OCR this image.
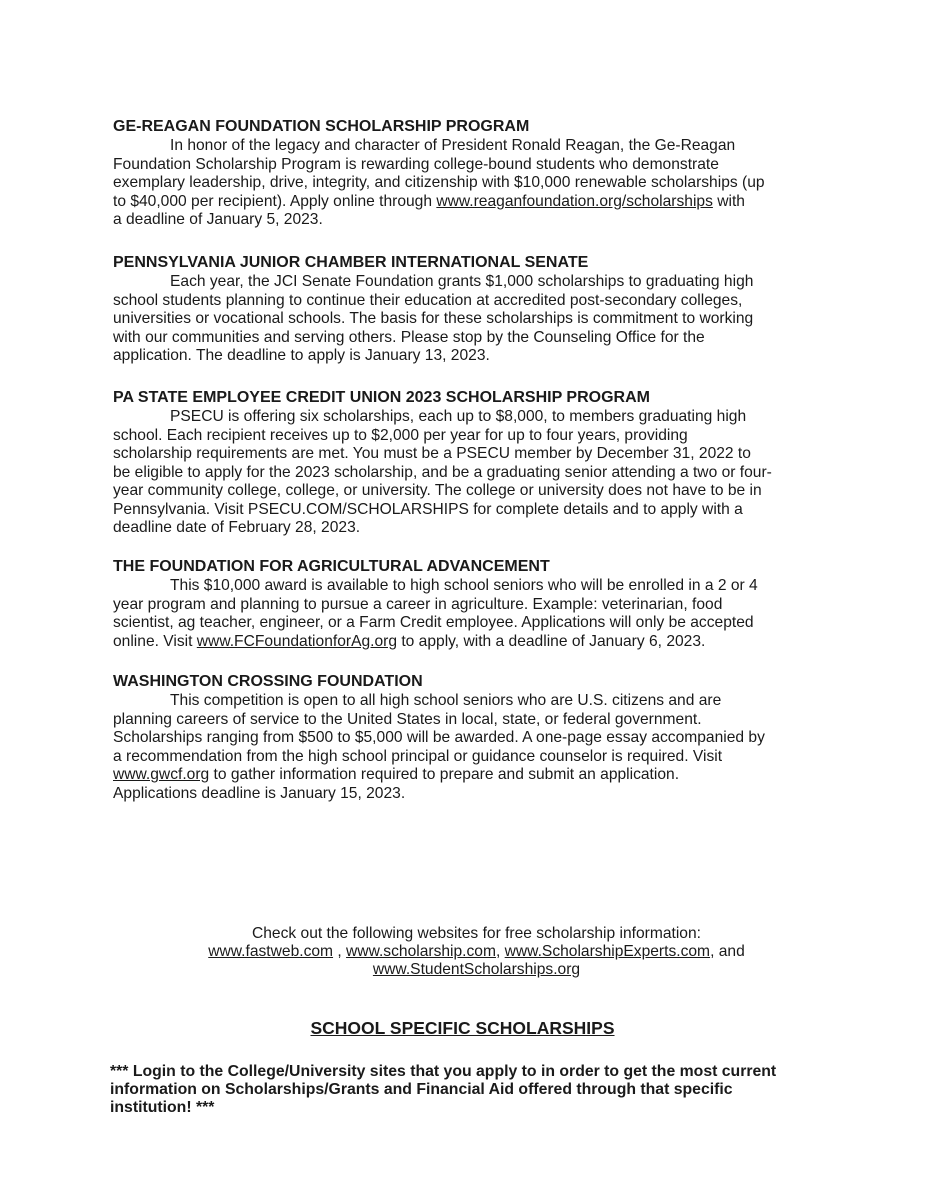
GE-REAGAN FOUNDATION SCHOLARSHIP PROGRAM

In honor of the legacy and character of President Ronald Reagan, the Ge-Reagan

Foundation Scholarship Program is rewarding college-bound students who demonstrate

exemplary leadership, drive, integrity, and citizenship with $10,000 renewable scholarships (up

to $40,000 per recipient). Apply online through www.reaganfoundation.org/scholarships with

a deadline of January 5, 2023.

PENNSYLVANIA JUNIOR CHAMBER INTERNATIONAL SENATE

Each year, the JCI Senate Foundation grants $1,000 scholarships to graduating high

school students planning to continue their education at accredited post-secondary colleges,

universities or vocational schools. The basis for these scholarships is commitment to working

with our communities and serving others. Please stop by the Counseling Office for the

application. The deadline to apply is January 13, 2023.

PA STATE EMPLOYEE CREDIT UNION 2023 SCHOLARSHIP PROGRAM

PSECU is offering six scholarships, each up to $8,000, to members graduating high

school. Each recipient receives up to $2,000 per year for up to four years, providing

scholarship requirements are met. You must be a PSECU member by December 31, 2022 to

be eligible to apply for the 2023 scholarship, and be a graduating senior attending a two or four-

year community college, college, or university. The college or university does not have to be in

Pennsylvania. Visit PSECU.COM/SCHOLARSHIPS for complete details and to apply with a

deadline date of February 28, 2023.

THE FOUNDATION FOR AGRICULTURAL ADVANCEMENT

This $10,000 award is available to high school seniors who will be enrolled in a 2 or 4

year program and planning to pursue a career in agriculture. Example: veterinarian, food

scientist, ag teacher, engineer, or a Farm Credit employee. Applications will only be accepted

online. Visit www.FCFoundationforAg.org to apply, with a deadline of January 6, 2023.

WASHINGTON CROSSING FOUNDATION

This competition is open to all high school seniors who are U.S. citizens and are

planning careers of service to the United States in local, state, or federal government.

Scholarships ranging from $500 to $5,000 will be awarded. A one-page essay accompanied by

a recommendation from the high school principal or guidance counselor is required. Visit

www.gwcf.org to gather information required to prepare and submit an application.

Applications deadline is January 15, 2023.

Check out the following websites for free scholarship information:

www.fastweb.com , www.scholarship.com, www.ScholarshipExperts.com, and

www.StudentScholarships.org

SCHOOL SPECIFIC SCHOLARSHIPS

*** Login to the College/University sites that you apply to in order to get the most current

information on Scholarships/Grants and Financial Aid offered through that specific

institution! ***
